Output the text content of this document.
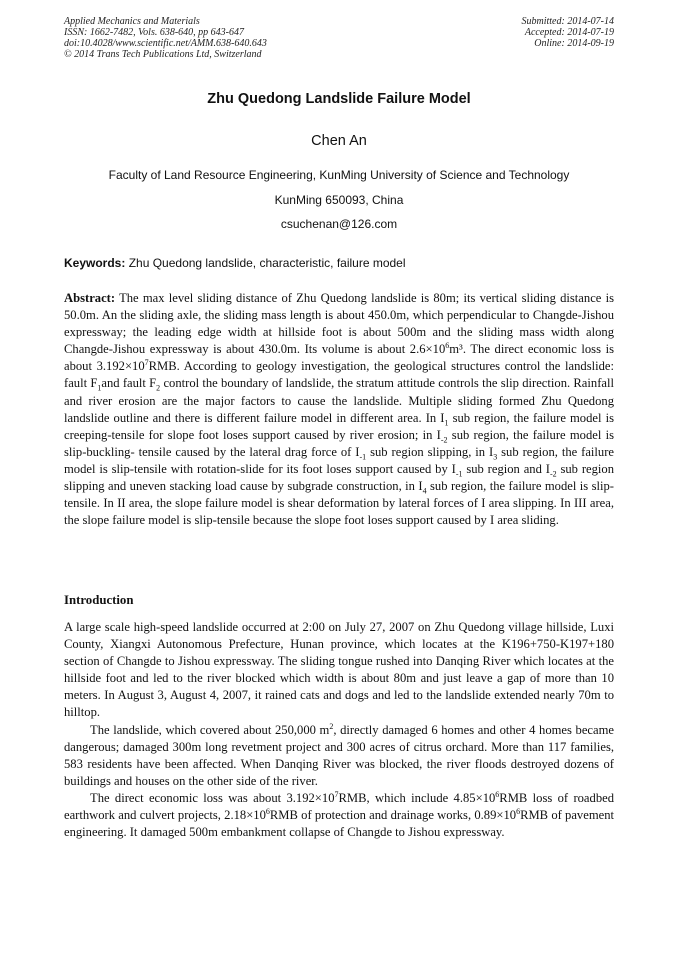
Applied Mechanics and Materials
ISSN: 1662-7482, Vols. 638-640, pp 643-647
doi:10.4028/www.scientific.net/AMM.638-640.643
© 2014 Trans Tech Publications Ltd, Switzerland
Submitted: 2014-07-14
Accepted: 2014-07-19
Online: 2014-09-19
Zhu Quedong Landslide Failure Model
Chen An
Faculty of Land Resource Engineering, KunMing University of Science and Technology
KunMing 650093, China
csuchenan@126.com
Keywords: Zhu Quedong landslide, characteristic, failure model
Abstract: The max level sliding distance of Zhu Quedong landslide is 80m; its vertical sliding distance is 50.0m. An the sliding axle, the sliding mass length is about 450.0m, which perpendicular to Changde-Jishou expressway; the leading edge width at hillside foot is about 500m and the sliding mass width along Changde-Jishou expressway is about 430.0m. Its volume is about $2.6\times 10^6m^3$. The direct economic loss is about $3.192\times 10^7RMB$. According to geology investigation, the geological structures control the landslide: fault $F_1and$ fault $F_2$ control the boundary of landslide, the stratum attitude controls the slip direction. Rainfall and river erosion are the major factors to cause the landslide. Multiple sliding formed Zhu Quedong landslide outline and there is different failure model in different area. In $I_1$ sub region, the failure model is creeping-tensile for slope foot loses support caused by river erosion; in $I_{-2}$ sub region, the failure model is slip-buckling- tensile caused by the lateral drag force of $I_{-1}$ sub region slipping, in $I_3$ sub region, the failure model is slip-tensile with rotation-slide for its foot loses support caused by $I_{-1}$ sub region and $I_{-2}$ sub region slipping and uneven stacking load cause by subgrade construction, in $I_4$ sub region, the failure model is slip-tensile. In II area, the slope failure model is shear deformation by lateral forces of I area slipping. In III area, the slope failure model is slip-tensile because the slope foot loses support caused by I area sliding.
Introduction

A large scale high-speed landslide occurred at 2:00 on July 27, 2007 on Zhu Quedong village hillside, Luxi County, Xiangxi Autonomous Prefecture, Hunan province, which locates at the K196+750-K197+180 section of Changde to Jishou expressway. The sliding tongue rushed into Danqing River which locates at the hillside foot and led to the river blocked which width is about 80m and just leave a gap of more than 10 meters. In August 3, August 4, 2007, it rained cats and dogs and led to the landslide extended nearly 70m to hilltop.

The landslide, which covered about 250,000 $m^2$, directly damaged 6 homes and other 4 homes became dangerous; damaged 300m long revetment project and 300 acres of citrus orchard. More than 117 families, 583 residents have been affected. When Danqing River was blocked, the river floods destroyed dozens of buildings and houses on the other side of the river.

The direct economic loss was about $3.192\times 10^7RMB$, which include $4.85\times 10^6RMB$ loss of roadbed earthwork and culvert projects, $2.18\times 10^6RMB$ of protection and drainage works, $0.89\times 10^6RMB$ of pavement engineering. It damaged 500m embankment collapse of Changde to Jishou expressway.
